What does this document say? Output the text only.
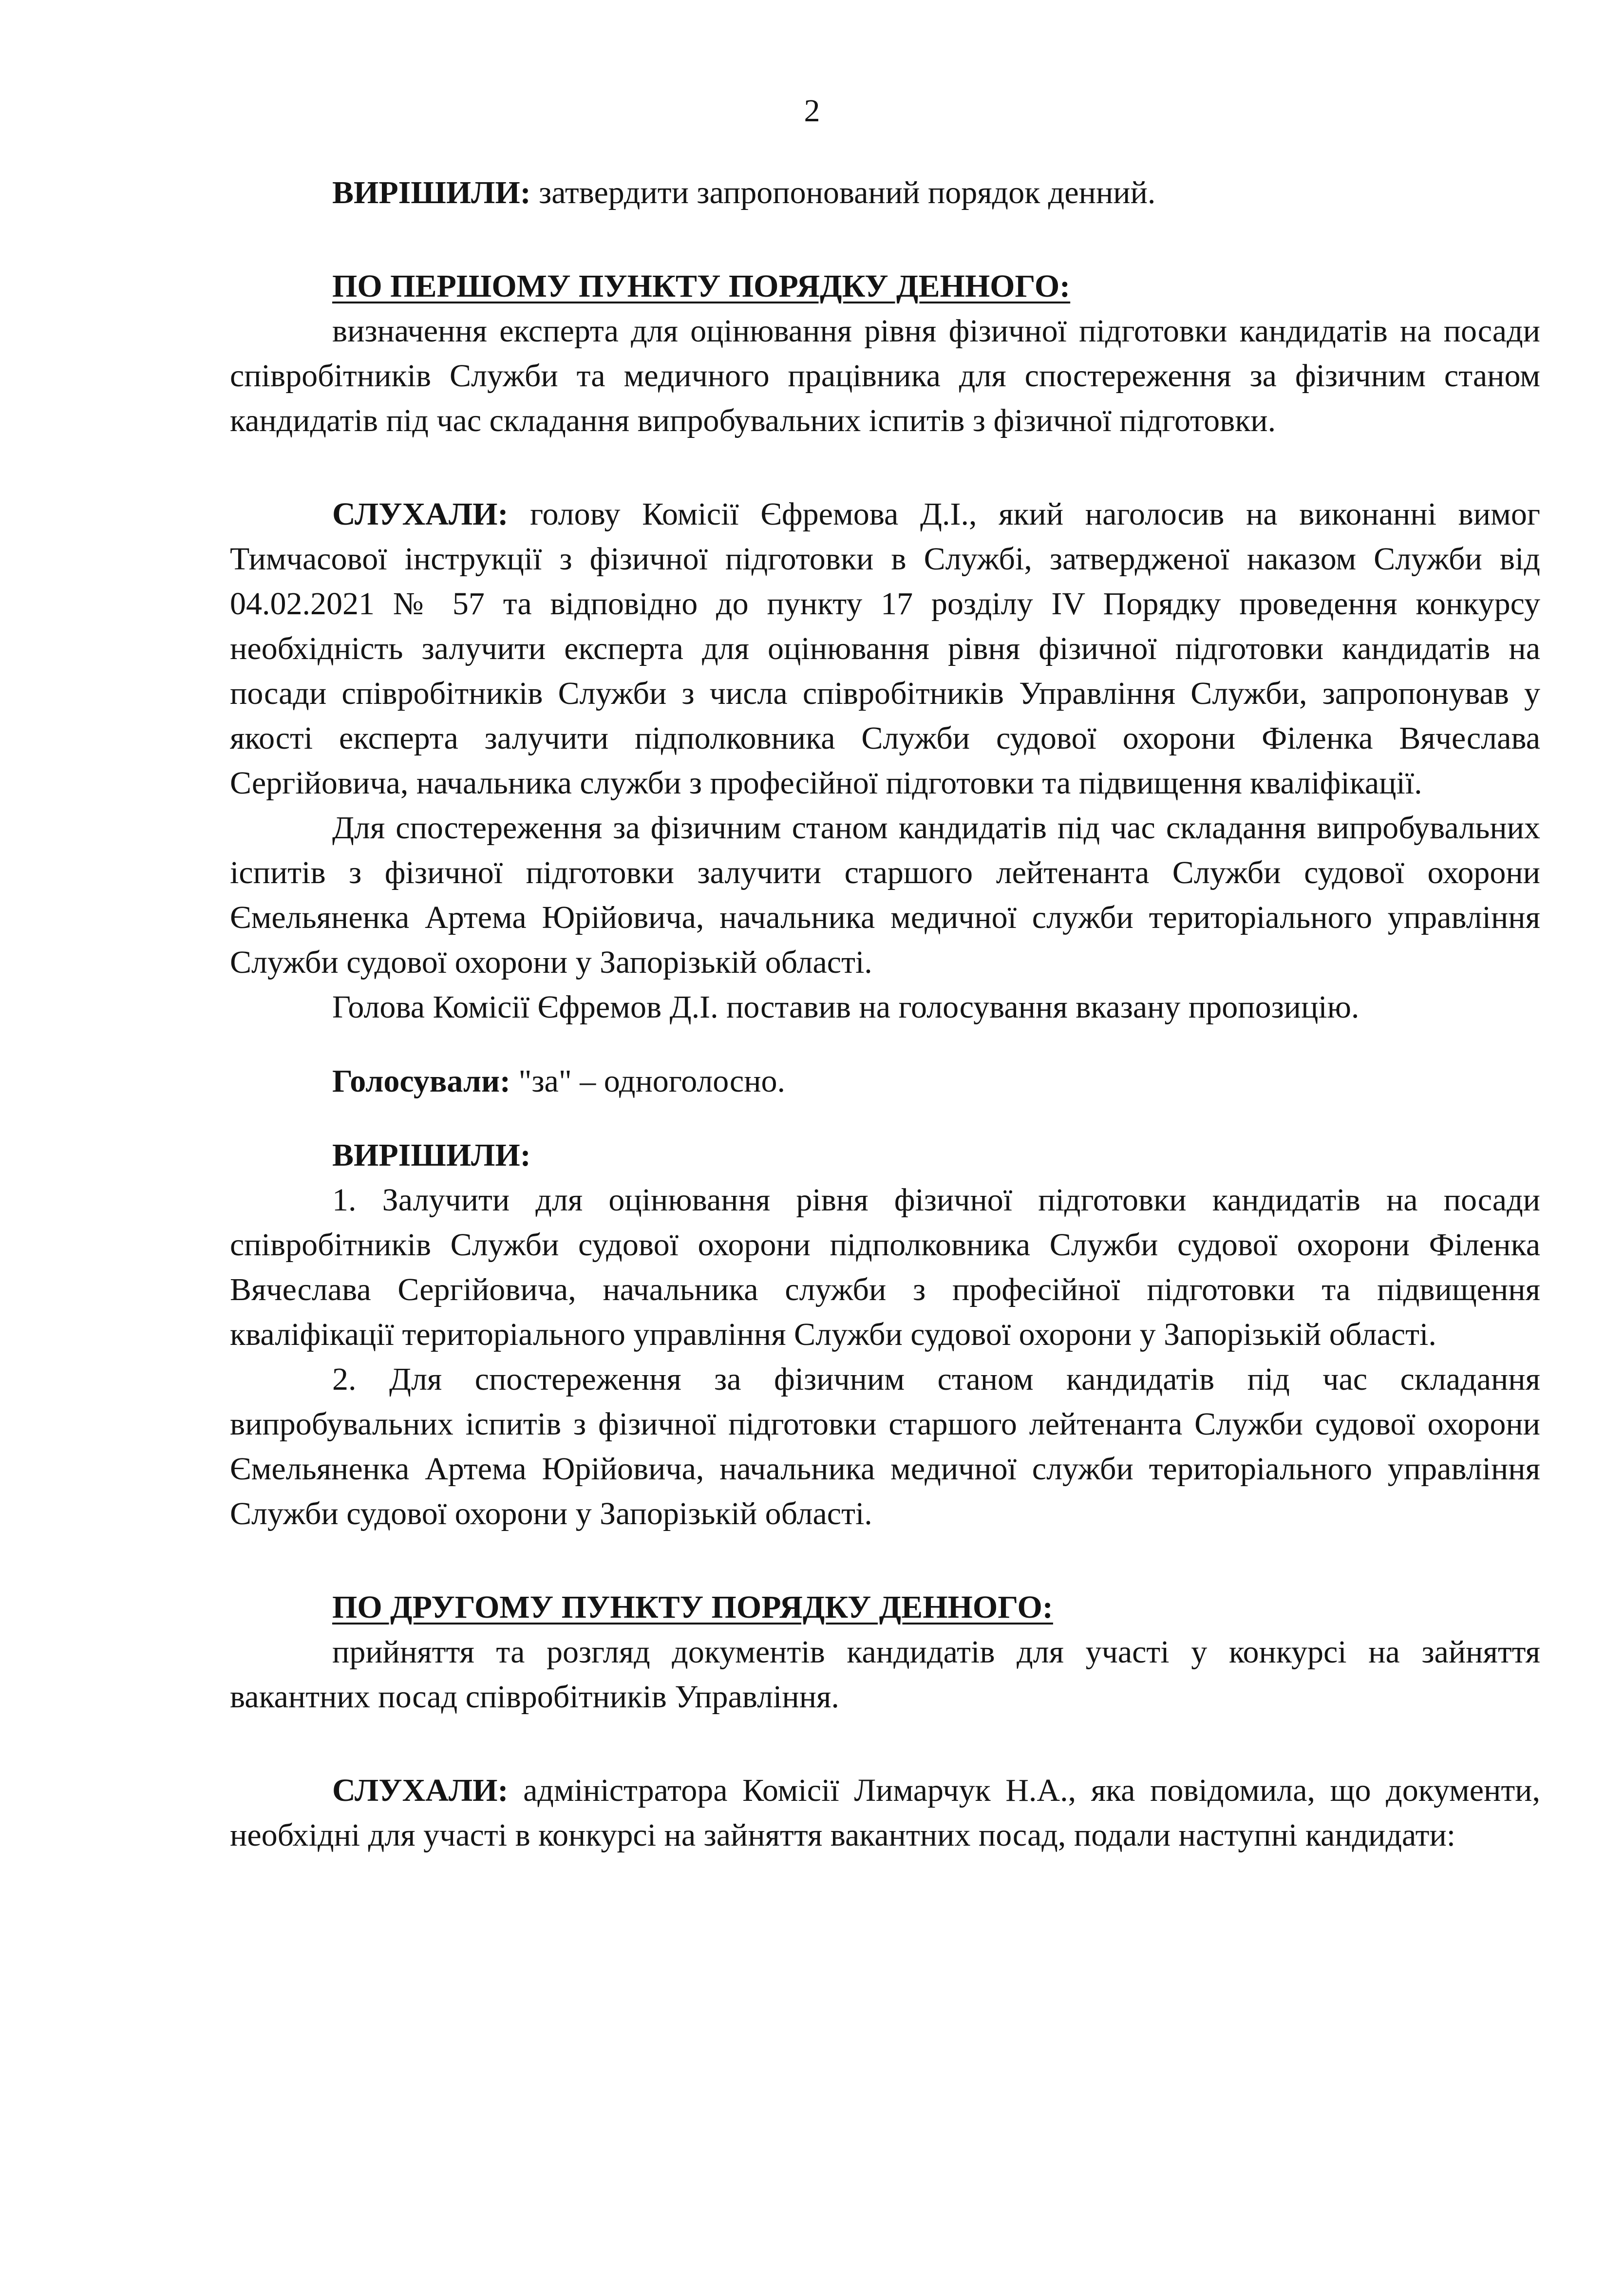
2

ВИРІШИЛИ: затвердити запропонований порядок денний.

ПО ПЕРШОМУ ПУНКТУ ПОРЯДКУ ДЕННОГО:

визначення експерта для оцінювання рівня фізичної підготовки кандидатів на посади співробітників Служби та медичного працівника для спостереження за фізичним станом кандидатів під час складання випробувальних іспитів з фізичної підготовки.

СЛУХАЛИ: голову Комісії Єфремова Д.І., який наголосив на виконанні вимог Тимчасової інструкції з фізичної підготовки в Службі, затвердженої наказом Служби від 04.02.2021 № 57 та відповідно до пункту 17 розділу IV Порядку проведення конкурсу необхідність залучити експерта для оцінювання рівня фізичної підготовки кандидатів на посади співробітників Служби з числа співробітників Управління Служби, запропонував у якості експерта залучити підполковника Служби судової охорони Філенка Вячеслава Сергійовича, начальника служби з професійної підготовки та підвищення кваліфікації.

Для спостереження за фізичним станом кандидатів під час складання випробувальних іспитів з фізичної підготовки залучити старшого лейтенанта Служби судової охорони Ємельяненка Артема Юрійовича, начальника медичної служби територіального управління Служби судової охорони у Запорізькій області.

Голова Комісії Єфремов Д.І. поставив на голосування вказану пропозицію.

Голосували: "за" – одноголосно.

ВИРІШИЛИ:

1. Залучити для оцінювання рівня фізичної підготовки кандидатів на посади співробітників Служби судової охорони підполковника Служби судової охорони Філенка Вячеслава Сергійовича, начальника служби з професійної підготовки та підвищення кваліфікації територіального управління Служби судової охорони у Запорізькій області.

2. Для спостереження за фізичним станом кандидатів під час складання випробувальних іспитів з фізичної підготовки старшого лейтенанта Служби судової охорони Ємельяненка Артема Юрійовича, начальника медичної служби територіального управління Служби судової охорони у Запорізькій області.

ПО ДРУГОМУ ПУНКТУ ПОРЯДКУ ДЕННОГО:

прийняття та розгляд документів кандидатів для участі у конкурсі на зайняття вакантних посад співробітників Управління.

СЛУХАЛИ: адміністратора Комісії Лимарчук Н.А., яка повідомила, що документи, необхідні для участі в конкурсі на зайняття вакантних посад, подали наступні кандидати:
